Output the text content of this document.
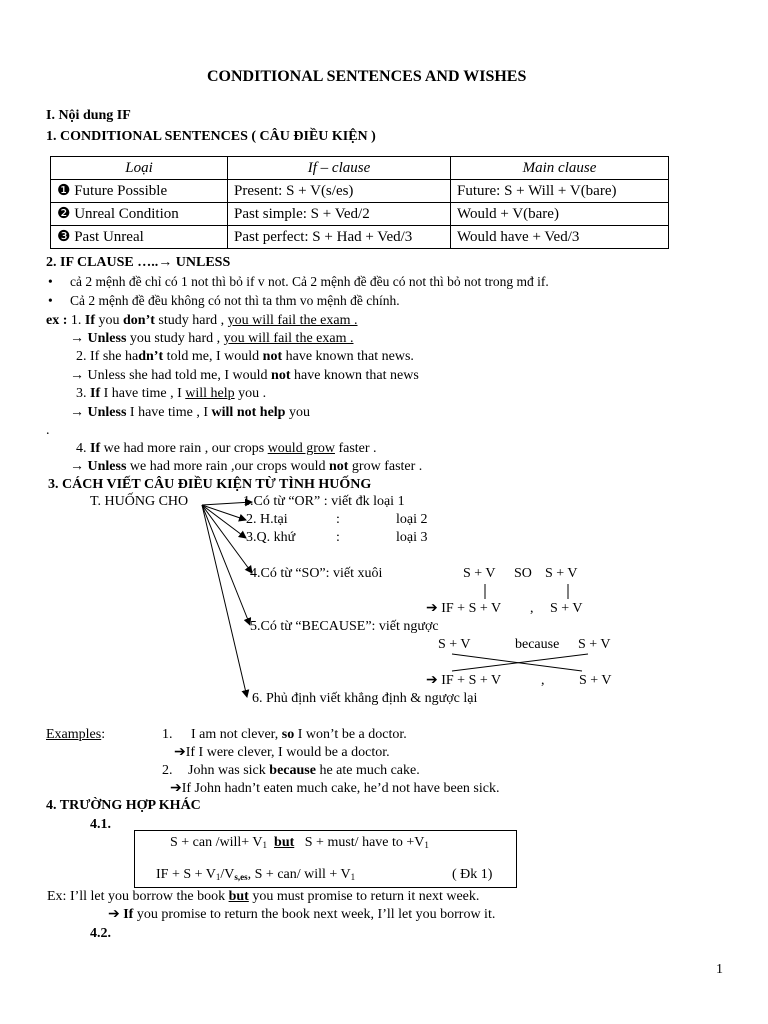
CONDITIONAL SENTENCES AND WISHES
I. Nội dung IF
1. CONDITIONAL SENTENCES ( CÂU ĐIỀU KIỆN )
Loại	If – clause	Main clause
❶ Future Possible	Present: S + V(s/es)	Future: S + Will + V(bare)
❷ Unreal Condition	Past simple: S + Ved/2	Would + V(bare)
❸ Past Unreal	Past perfect: S + Had + Ved/3	Would have + Ved/3
2. IF CLAUSE …..→ UNLESS
• cả 2 mệnh đề chỉ có 1 not thì bỏ if v not. Cả 2 mệnh đề đều có not thì bỏ not trong mđ if.
• Cả 2 mệnh đề đều không có not thì ta thm vo mệnh đề chính.
ex : 1. If you don’t study hard , you will fail the exam .
→ Unless you study hard , you will fail the exam .
2. If she hadn’t told me, I would not have known that news.
→ Unless she had told me, I would not have known that news
3. If I have time , I will help you .
→ Unless I have time , I will not help you
.
4. If we had more rain , our crops would grow faster .
→ Unless we had more rain ,our crops would not grow faster .
3. CÁCH VIẾT CÂU ĐIỀU KIỆN TỪ TÌNH HUỐNG
T. HUỐNG CHO	1.Có từ “OR” : viết đk loại 1
2. H.tại	:	loại 2
3.Q. khứ	:	loại 3
4.Có từ “SO”: viết xuôi	S + V SO S + V
➔ IF + S + V , S + V
5.Có từ “BECAUSE”: viết ngược
S + V	because S + V
➔ IF + S + V	, S + V
6. Phủ định viết khẳng định & ngược lại
Examples:	1. I am not clever, so I won’t be a doctor.
➔If I were clever, I would be a doctor.
2. John was sick because he ate much cake.
➔If John hadn’t eaten much cake, he’d not have been sick.
4. TRƯỜNG HỢP KHÁC
4.1.
S + can /will+ $V_1$ but S + must/ have to $+V_1$
IF + $S + V_1/V_{s,es}$, S + can/ will + $V_1$	( Đk 1)
Ex: I’ll let you borrow the book but you must promise to return it next week.
➔ If you promise to return the book next week, I’ll let you borrow it.
4.2.
1
